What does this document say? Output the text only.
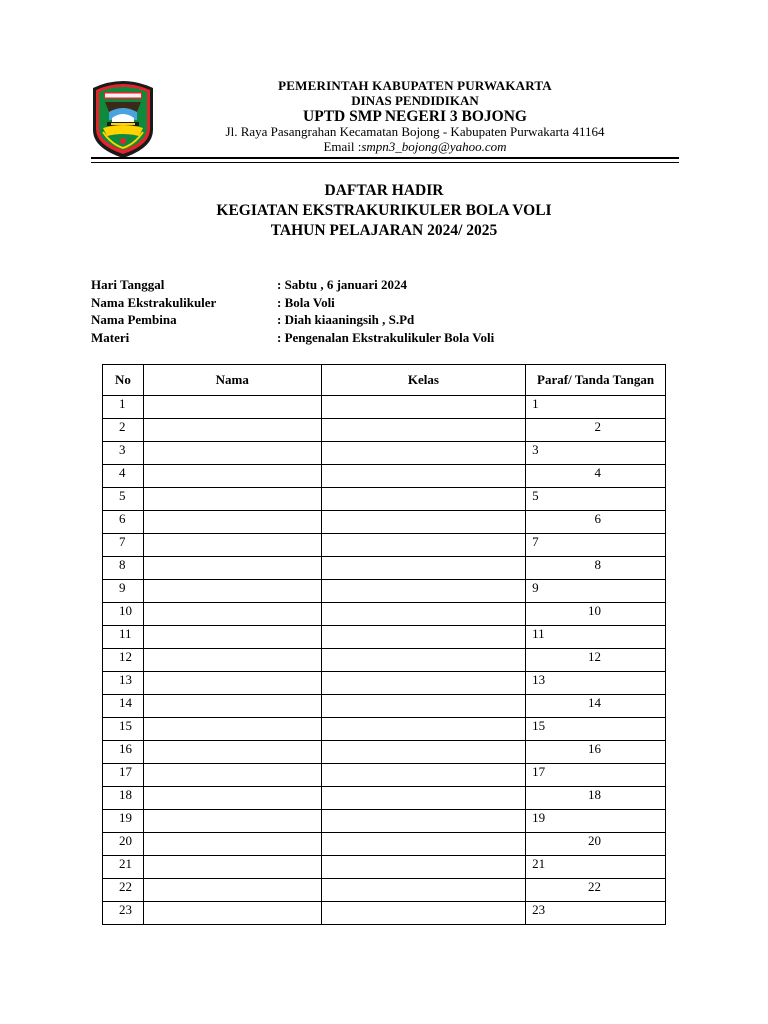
PEMERINTAH KABUPATEN PURWAKARTA
DINAS PENDIDIKAN
UPTD SMP NEGERI 3 BOJONG
Jl. Raya Pasangrahan Kecamatan Bojong - Kabupaten Purwakarta 41164
Email :smpn3_bojong@yahoo.com
DAFTAR HADIR
KEGIATAN EKSTRAKURIKULER BOLA VOLI
TAHUN PELAJARAN 2024/ 2025
Hari Tanggal	: Sabtu , 6 januari 2024
Nama Ekstrakulikuler	: Bola Voli
Nama Pembina	: Diah kiaaningsih , S.Pd
Materi	: Pengenalan Ekstrakulikuler Bola Voli
No	Nama	Kelas	Paraf/ Tanda Tangan

1			1

2			2

3			3

4			4

5			5

6			6

7			7

8			8

9			9

10			10

11			11

12			12

13			13

14			14

15			15

16			16

17			17

18			18

19			19

20			20

21			21

22			22

23			23
